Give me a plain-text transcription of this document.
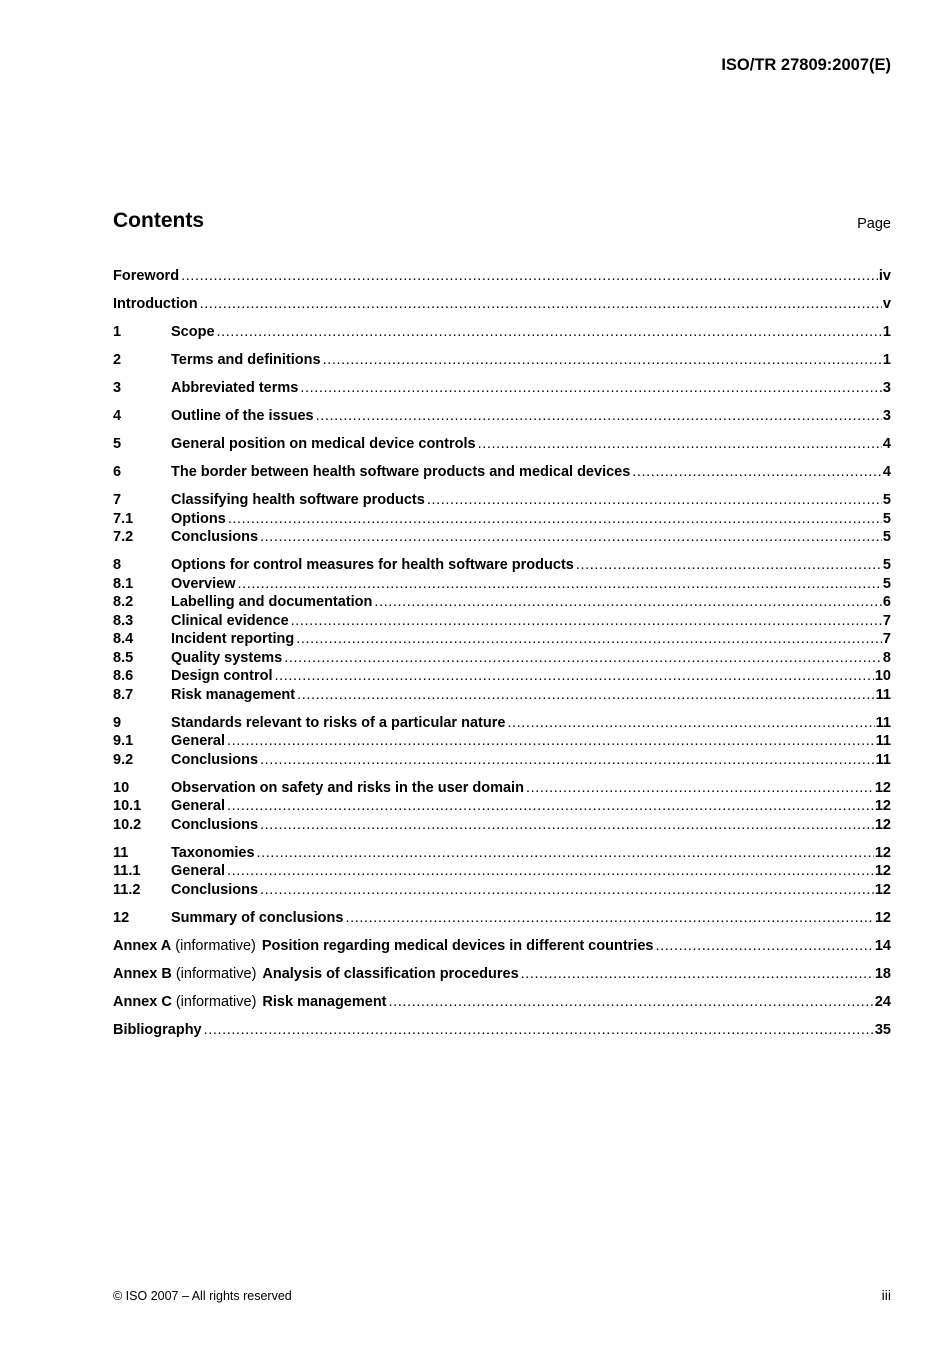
ISO/TR 27809:2007(E)
Contents	Page
Foreword .....	iv
Introduction .....	v
1	Scope .....	1
2	Terms and definitions .....	1
3	Abbreviated terms .....	3
4	Outline of the issues .....	3
5	General position on medical device controls .....	4
6	The border between health software products and medical devices .....	4
7	Classifying health software products .....	5
7.1	Options .....	5
7.2	Conclusions .....	5
8	Options for control measures for health software products .....	5
8.1	Overview .....	5
8.2	Labelling and documentation .....	6
8.3	Clinical evidence .....	7
8.4	Incident reporting .....	7
8.5	Quality systems .....	8
8.6	Design control .....	10
8.7	Risk management .....	11
9	Standards relevant to risks of a particular nature .....	11
9.1	General .....	11
9.2	Conclusions .....	11
10	Observation on safety and risks in the user domain .....	12
10.1	General .....	12
10.2	Conclusions .....	12
11	Taxonomies .....	12
11.1	General .....	12
11.2	Conclusions .....	12
12	Summary of conclusions .....	12
Annex A (informative) Position regarding medical devices in different countries .....	14
Annex B (informative) Analysis of classification procedures .....	18
Annex C (informative) Risk management .....	24
Bibliography .....	35
© ISO 2007 – All rights reserved	iii
